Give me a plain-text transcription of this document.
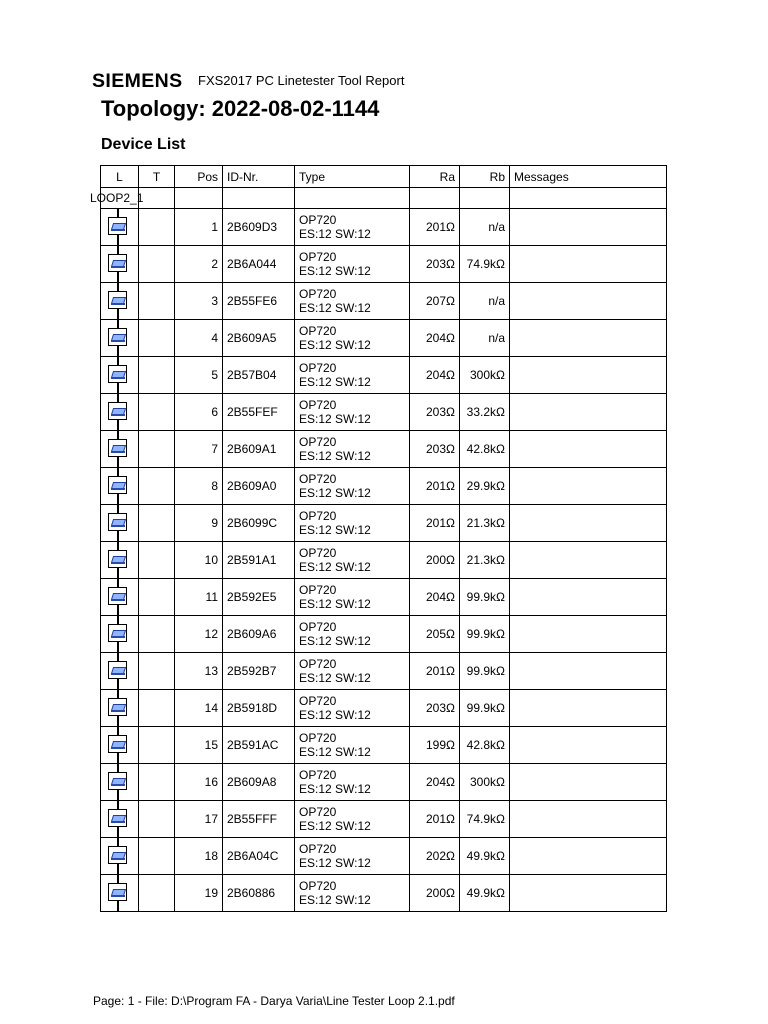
SIEMENS FXS2017 PC Linetester Tool Report
Topology: 2022-08-02-1144
Device List
L	T	Pos	ID-Nr.	Type	Ra	Rb	Messages

LOOP2_1							

		1	2B609D3	OP720
ES:12 SW:12	201Ω	n/a	

		2	2B6A044	OP720
ES:12 SW:12	203Ω	74.9kΩ	

		3	2B55FE6	OP720
ES:12 SW:12	207Ω	n/a	

		4	2B609A5	OP720
ES:12 SW:12	204Ω	n/a	

		5	2B57B04	OP720
ES:12 SW:12	204Ω	300kΩ	

		6	2B55FEF	OP720
ES:12 SW:12	203Ω	33.2kΩ	

		7	2B609A1	OP720
ES:12 SW:12	203Ω	42.8kΩ	

		8	2B609A0	OP720
ES:12 SW:12	201Ω	29.9kΩ	

		9	2B6099C	OP720
ES:12 SW:12	201Ω	21.3kΩ	

		10	2B591A1	OP720
ES:12 SW:12	200Ω	21.3kΩ	

		11	2B592E5	OP720
ES:12 SW:12	204Ω	99.9kΩ	

		12	2B609A6	OP720
ES:12 SW:12	205Ω	99.9kΩ	

		13	2B592B7	OP720
ES:12 SW:12	201Ω	99.9kΩ	

		14	2B5918D	OP720
ES:12 SW:12	203Ω	99.9kΩ	

		15	2B591AC	OP720
ES:12 SW:12	199Ω	42.8kΩ	

		16	2B609A8	OP720
ES:12 SW:12	204Ω	300kΩ	

		17	2B55FFF	OP720
ES:12 SW:12	201Ω	74.9kΩ	

		18	2B6A04C	OP720
ES:12 SW:12	202Ω	49.9kΩ	

		19	2B60886	OP720
ES:12 SW:12	200Ω	49.9kΩ	
Page: 1 - File: D:\Program FA - Darya Varia\Line Tester Loop 2.1.pdf
